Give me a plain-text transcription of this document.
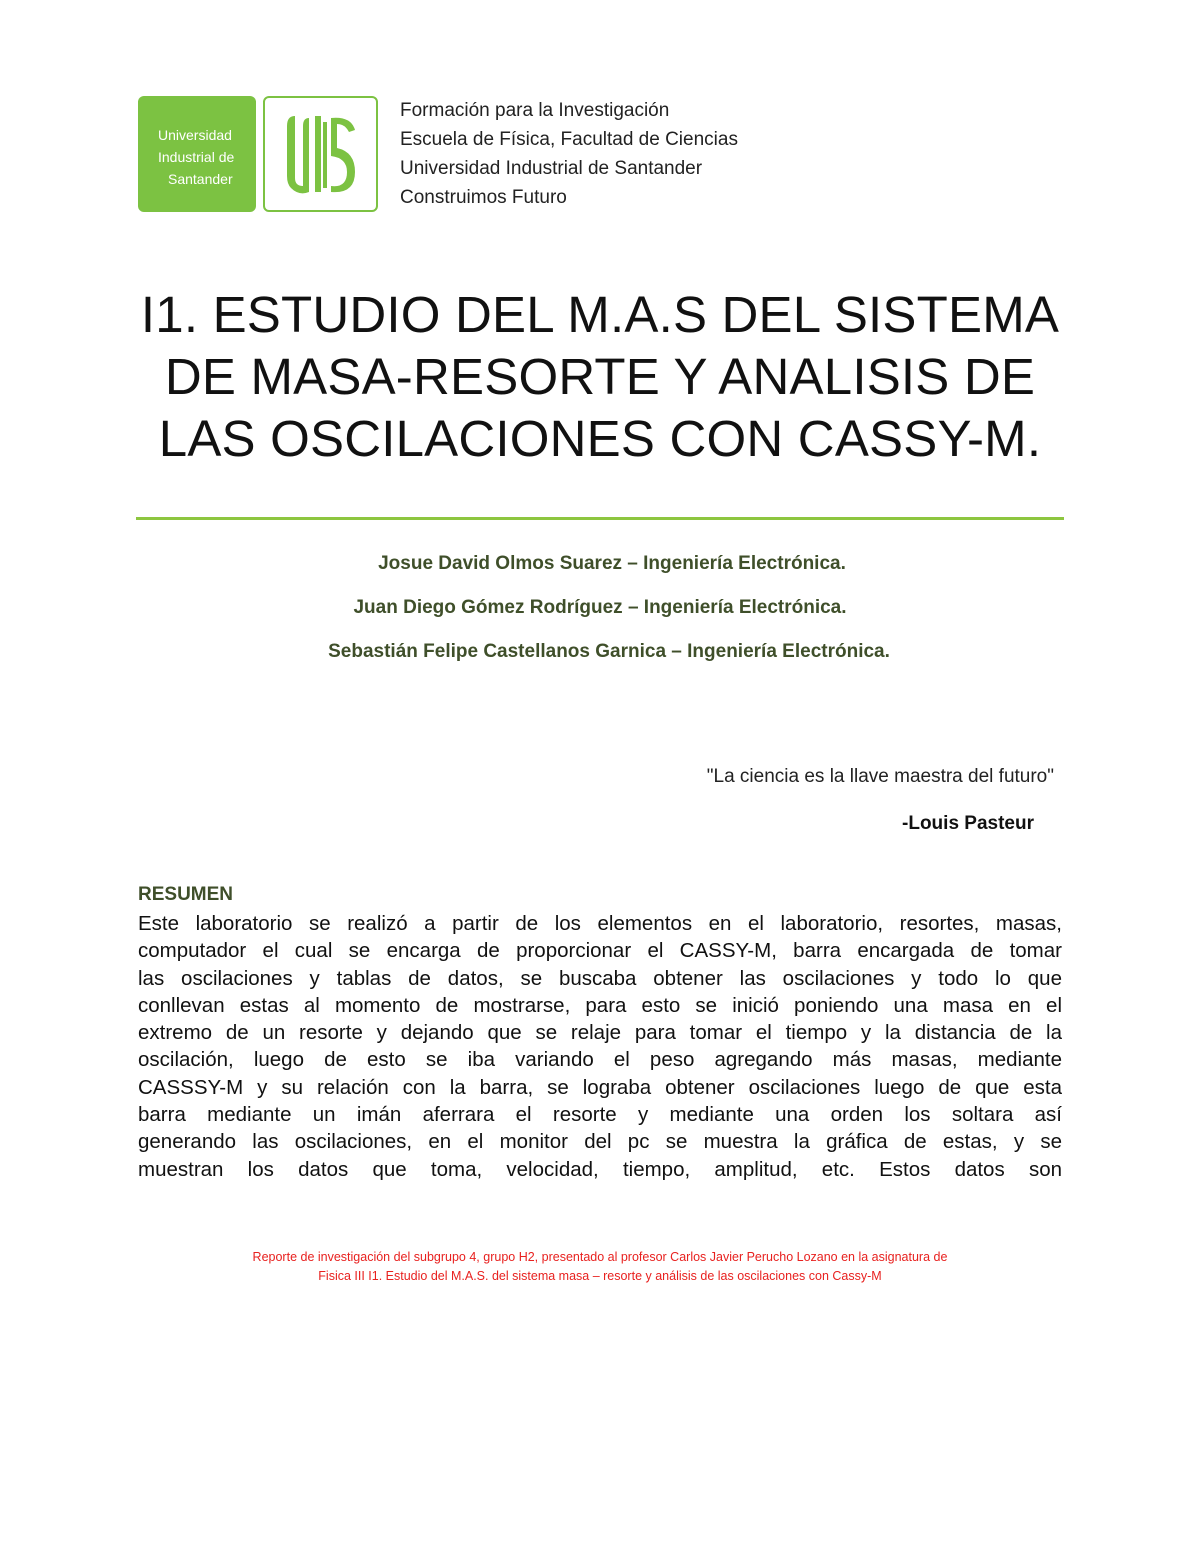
Universidad
Industrial de
Santander
Formación para la Investigación
Escuela de Física, Facultad de Ciencias
Universidad Industrial de Santander
Construimos Futuro
I1. ESTUDIO DEL M.A.S DEL SISTEMA
DE MASA-RESORTE Y ANALISIS DE
LAS OSCILACIONES CON CASSY-M.
Josue David Olmos Suarez – Ingeniería Electrónica.
Juan Diego Gómez Rodríguez – Ingeniería Electrónica.
Sebastián Felipe Castellanos Garnica – Ingeniería Electrónica.
"La ciencia es la llave maestra del futuro"
-Louis Pasteur
RESUMEN
Este laboratorio se realizó a partir de los elementos en el laboratorio, resortes, masas,
computador el cual se encarga de proporcionar el CASSY-M, barra encargada de tomar
las oscilaciones y tablas de datos, se buscaba obtener las oscilaciones y todo lo que
conllevan estas al momento de mostrarse, para esto se inició poniendo una masa en el
extremo de un resorte y dejando que se relaje para tomar el tiempo y la distancia de la
oscilación, luego de esto se iba variando el peso agregando más masas, mediante
CASSSY-M y su relación con la barra, se lograba obtener oscilaciones luego de que esta
barra mediante un imán aferrara el resorte y mediante una orden los soltara así
generando las oscilaciones, en el monitor del pc se muestra la gráfica de estas, y se
muestran los datos que toma, velocidad, tiempo, amplitud, etc. Estos datos son
Reporte de investigación del subgrupo 4, grupo H2, presentado al profesor Carlos Javier Perucho Lozano en la asignatura de
Fisica III I1. Estudio del M.A.S. del sistema masa – resorte y análisis de las oscilaciones con Cassy-M
